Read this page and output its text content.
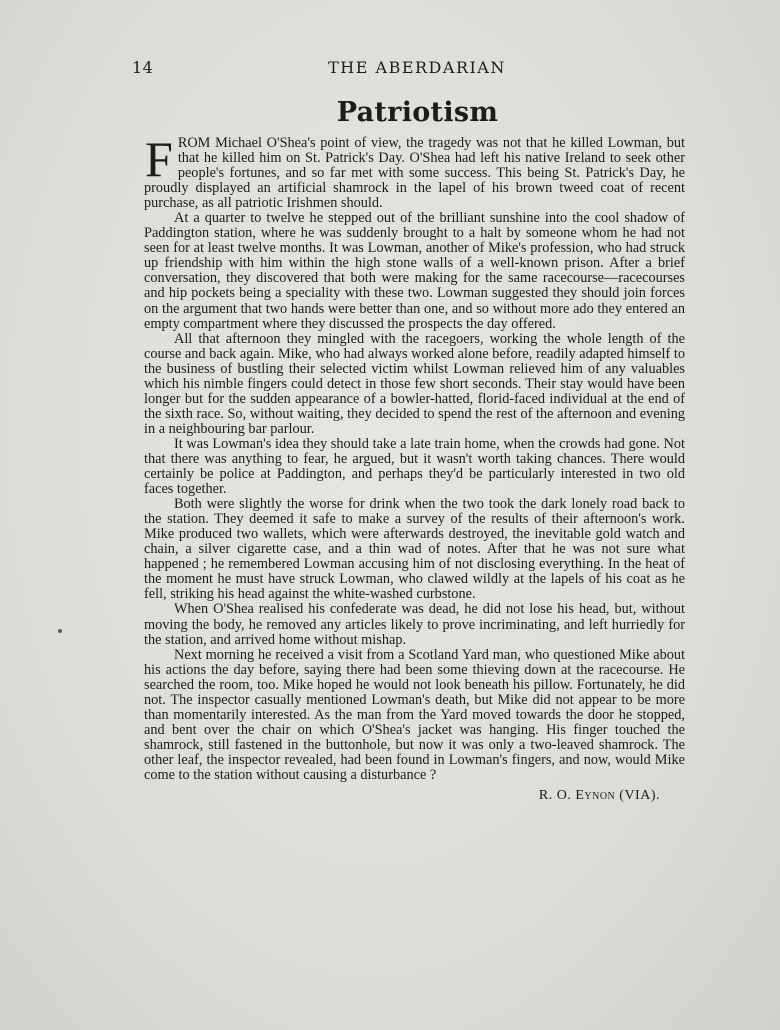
14	THE ABERDARIAN
Patriotism

FROM Michael O'Shea's point of view, the tragedy was not that he killed Lowman, but that he killed him on St. Patrick's Day. O'Shea had left his native Ireland to seek other people's fortunes, and so far met with some success. This being St. Patrick's Day, he proudly displayed an artificial shamrock in the lapel of his brown tweed coat of recent purchase, as all patriotic Irishmen should.

At a quarter to twelve he stepped out of the brilliant sunshine into the cool shadow of Paddington station, where he was suddenly brought to a halt by someone whom he had not seen for at least twelve months. It was Lowman, another of Mike's profession, who had struck up friendship with him within the high stone walls of a well-known prison. After a brief conversation, they discovered that both were making for the same racecourse—racecourses and hip pockets being a speciality with these two. Lowman suggested they should join forces on the argument that two hands were better than one, and so without more ado they entered an empty compartment where they discussed the prospects the day offered.

All that afternoon they mingled with the racegoers, working the whole length of the course and back again. Mike, who had always worked alone before, readily adapted himself to the business of bustling their selected victim whilst Lowman relieved him of any valuables which his nimble fingers could detect in those few short seconds. Their stay would have been longer but for the sudden appearance of a bowler-hatted, florid-faced individual at the end of the sixth race. So, without waiting, they decided to spend the rest of the afternoon and evening in a neighbouring bar parlour.

It was Lowman's idea they should take a late train home, when the crowds had gone. Not that there was anything to fear, he argued, but it wasn't worth taking chances. There would certainly be police at Paddington, and perhaps they'd be particularly interested in two old faces together.

Both were slightly the worse for drink when the two took the dark lonely road back to the station. They deemed it safe to make a survey of the results of their afternoon's work. Mike produced two wallets, which were afterwards destroyed, the inevitable gold watch and chain, a silver cigarette case, and a thin wad of notes. After that he was not sure what happened ; he remembered Lowman accusing him of not disclosing everything. In the heat of the moment he must have struck Lowman, who clawed wildly at the lapels of his coat as he fell, striking his head against the white-washed curbstone.

When O'Shea realised his confederate was dead, he did not lose his head, but, without moving the body, he removed any articles likely to prove incriminating, and left hurriedly for the station, and arrived home without mishap.

Next morning he received a visit from a Scotland Yard man, who questioned Mike about his actions the day before, saying there had been some thieving down at the racecourse. He searched the room, too. Mike hoped he would not look beneath his pillow. Fortunately, he did not. The inspector casually mentioned Lowman's death, but Mike did not appear to be more than momentarily interested. As the man from the Yard moved towards the door he stopped, and bent over the chair on which O'Shea's jacket was hanging. His finger touched the shamrock, still fastened in the buttonhole, but now it was only a two-leaved shamrock. The other leaf, the inspector revealed, had been found in Lowman's fingers, and now, would Mike come to the station without causing a disturbance ?

R. O. Eynon (VIA).
